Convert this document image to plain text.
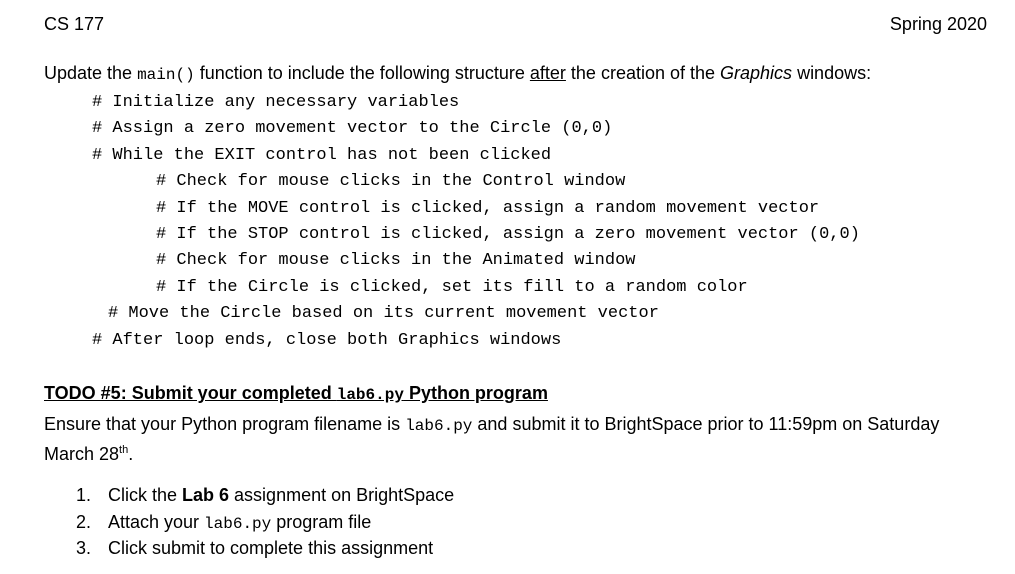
CS 177	Spring 2020
Update the main() function to include the following structure after the creation of the Graphics windows:
# Initialize any necessary variables
# Assign a zero movement vector to the Circle (0,0)
# While the EXIT control has not been clicked
# Check for mouse clicks in the Control window
# If the MOVE control is clicked, assign a random movement vector
# If the STOP control is clicked, assign a zero movement vector (0,0)
# Check for mouse clicks in the Animated window
# If the Circle is clicked, set its fill to a random color
# Move the Circle based on its current movement vector
# After loop ends, close both Graphics windows
TODO #5: Submit your completed lab6.py Python program
Ensure that your Python program filename is lab6.py and submit it to BrightSpace prior to 11:59pm on Saturday March 28th.
1. Click the Lab 6 assignment on BrightSpace
2. Attach your lab6.py program file
3. Click submit to complete this assignment
